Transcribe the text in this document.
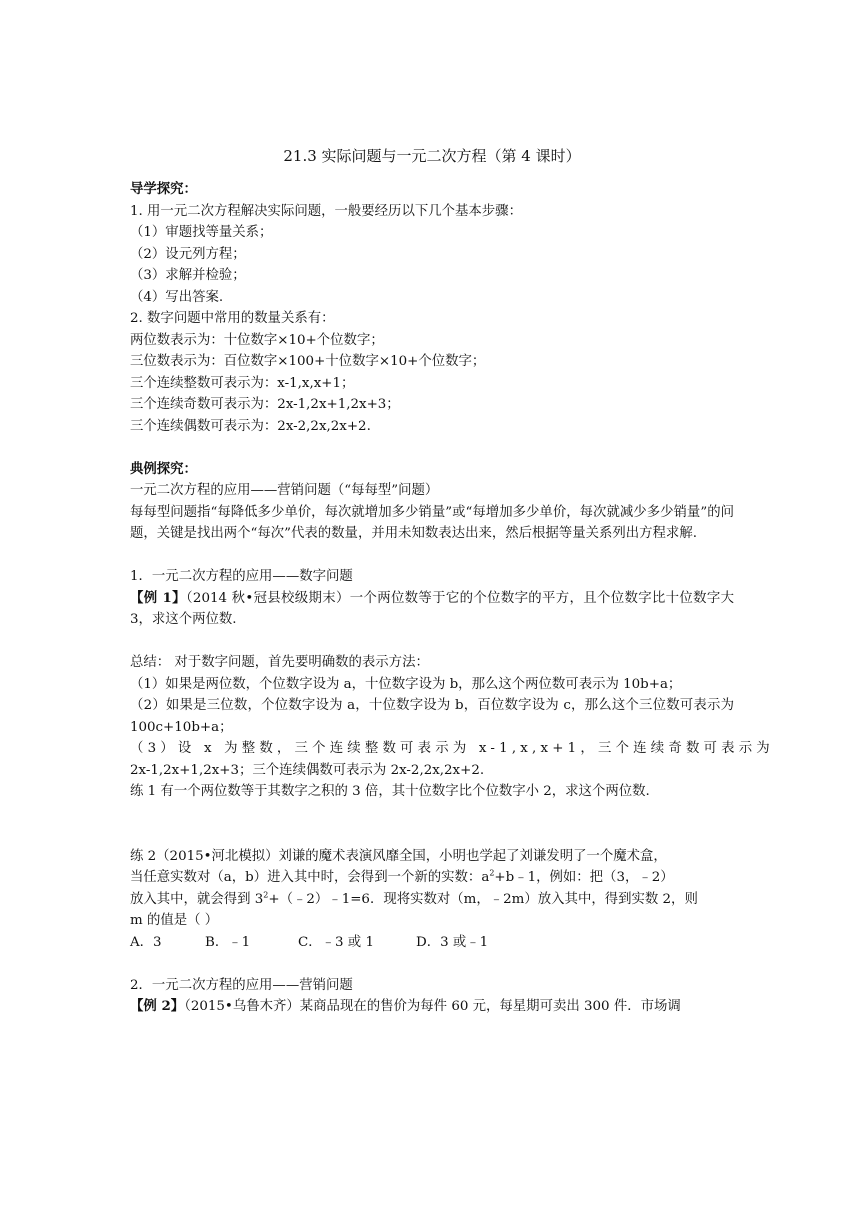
21.3 实际问题与一元二次方程（第 4 课时）

导学探究：

1. 用一元二次方程解决实际问题，一般要经历以下几个基本步骤：

（1）审题找等量关系；

（2）设元列方程；

（3）求解并检验；

（4）写出答案.

2. 数字问题中常用的数量关系有：

两位数表示为：十位数字×10+个位数字；

三位数表示为：百位数字×100+十位数字×10+个位数字；

三个连续整数可表示为：x-1,x,x+1；

三个连续奇数可表示为：2x-1,2x+1,2x+3；

三个连续偶数可表示为：2x-2,2x,2x+2.

典例探究：

一元二次方程的应用——营销问题（“每每型”问题）

每每型问题指“每降低多少单价，每次就增加多少销量”或“每增加多少单价，每次就减少多少销量”的问题，关键是找出两个“每次”代表的数量，并用未知数表达出来，然后根据等量关系列出方程求解.

1．一元二次方程的应用——数字问题

【例 1】（2014 秋•冠县校级期末）一个两位数等于它的个位数字的平方，且个位数字比十位数字大 3，求这个两位数.

总结： 对于数字问题，首先要明确数的表示方法：

（1）如果是两位数，个位数字设为 a，十位数字设为 b，那么这个两位数可表示为 10b+a；

（2）如果是三位数，个位数字设为 a，十位数字设为 b，百位数字设为 c，那么这个三位数可表示为 100c+10b+a；

（3）设 x 为整数，三个连续整数可表示为 x-1,x,x+1，三个连续奇数可表示为

2x-1,2x+1,2x+3；三个连续偶数可表示为 2x-2,2x,2x+2.

练 1 有一个两位数等于其数字之积的 3 倍，其十位数字比个位数字小 2，求这个两位数.

练 2（2015•河北模拟）刘谦的魔术表演风靡全国，小明也学起了刘谦发明了一个魔术盒，

当任意实数对（a，b）进入其中时，会得到一个新的实数：$a^2+b﹣1$，例如：把（3，﹣2）

放入其中，就会得到 $3^2+(﹣2)﹣1=6$．现将实数对（m，﹣2m）放入其中，得到实数 2，则

m 的值是（ ）

A．3	B．﹣1	C．﹣3 或 1	D．3 或﹣1

2．一元二次方程的应用——营销问题

【例 2】（2015•乌鲁木齐）某商品现在的售价为每件 60 元，每星期可卖出 300 件．市场调
